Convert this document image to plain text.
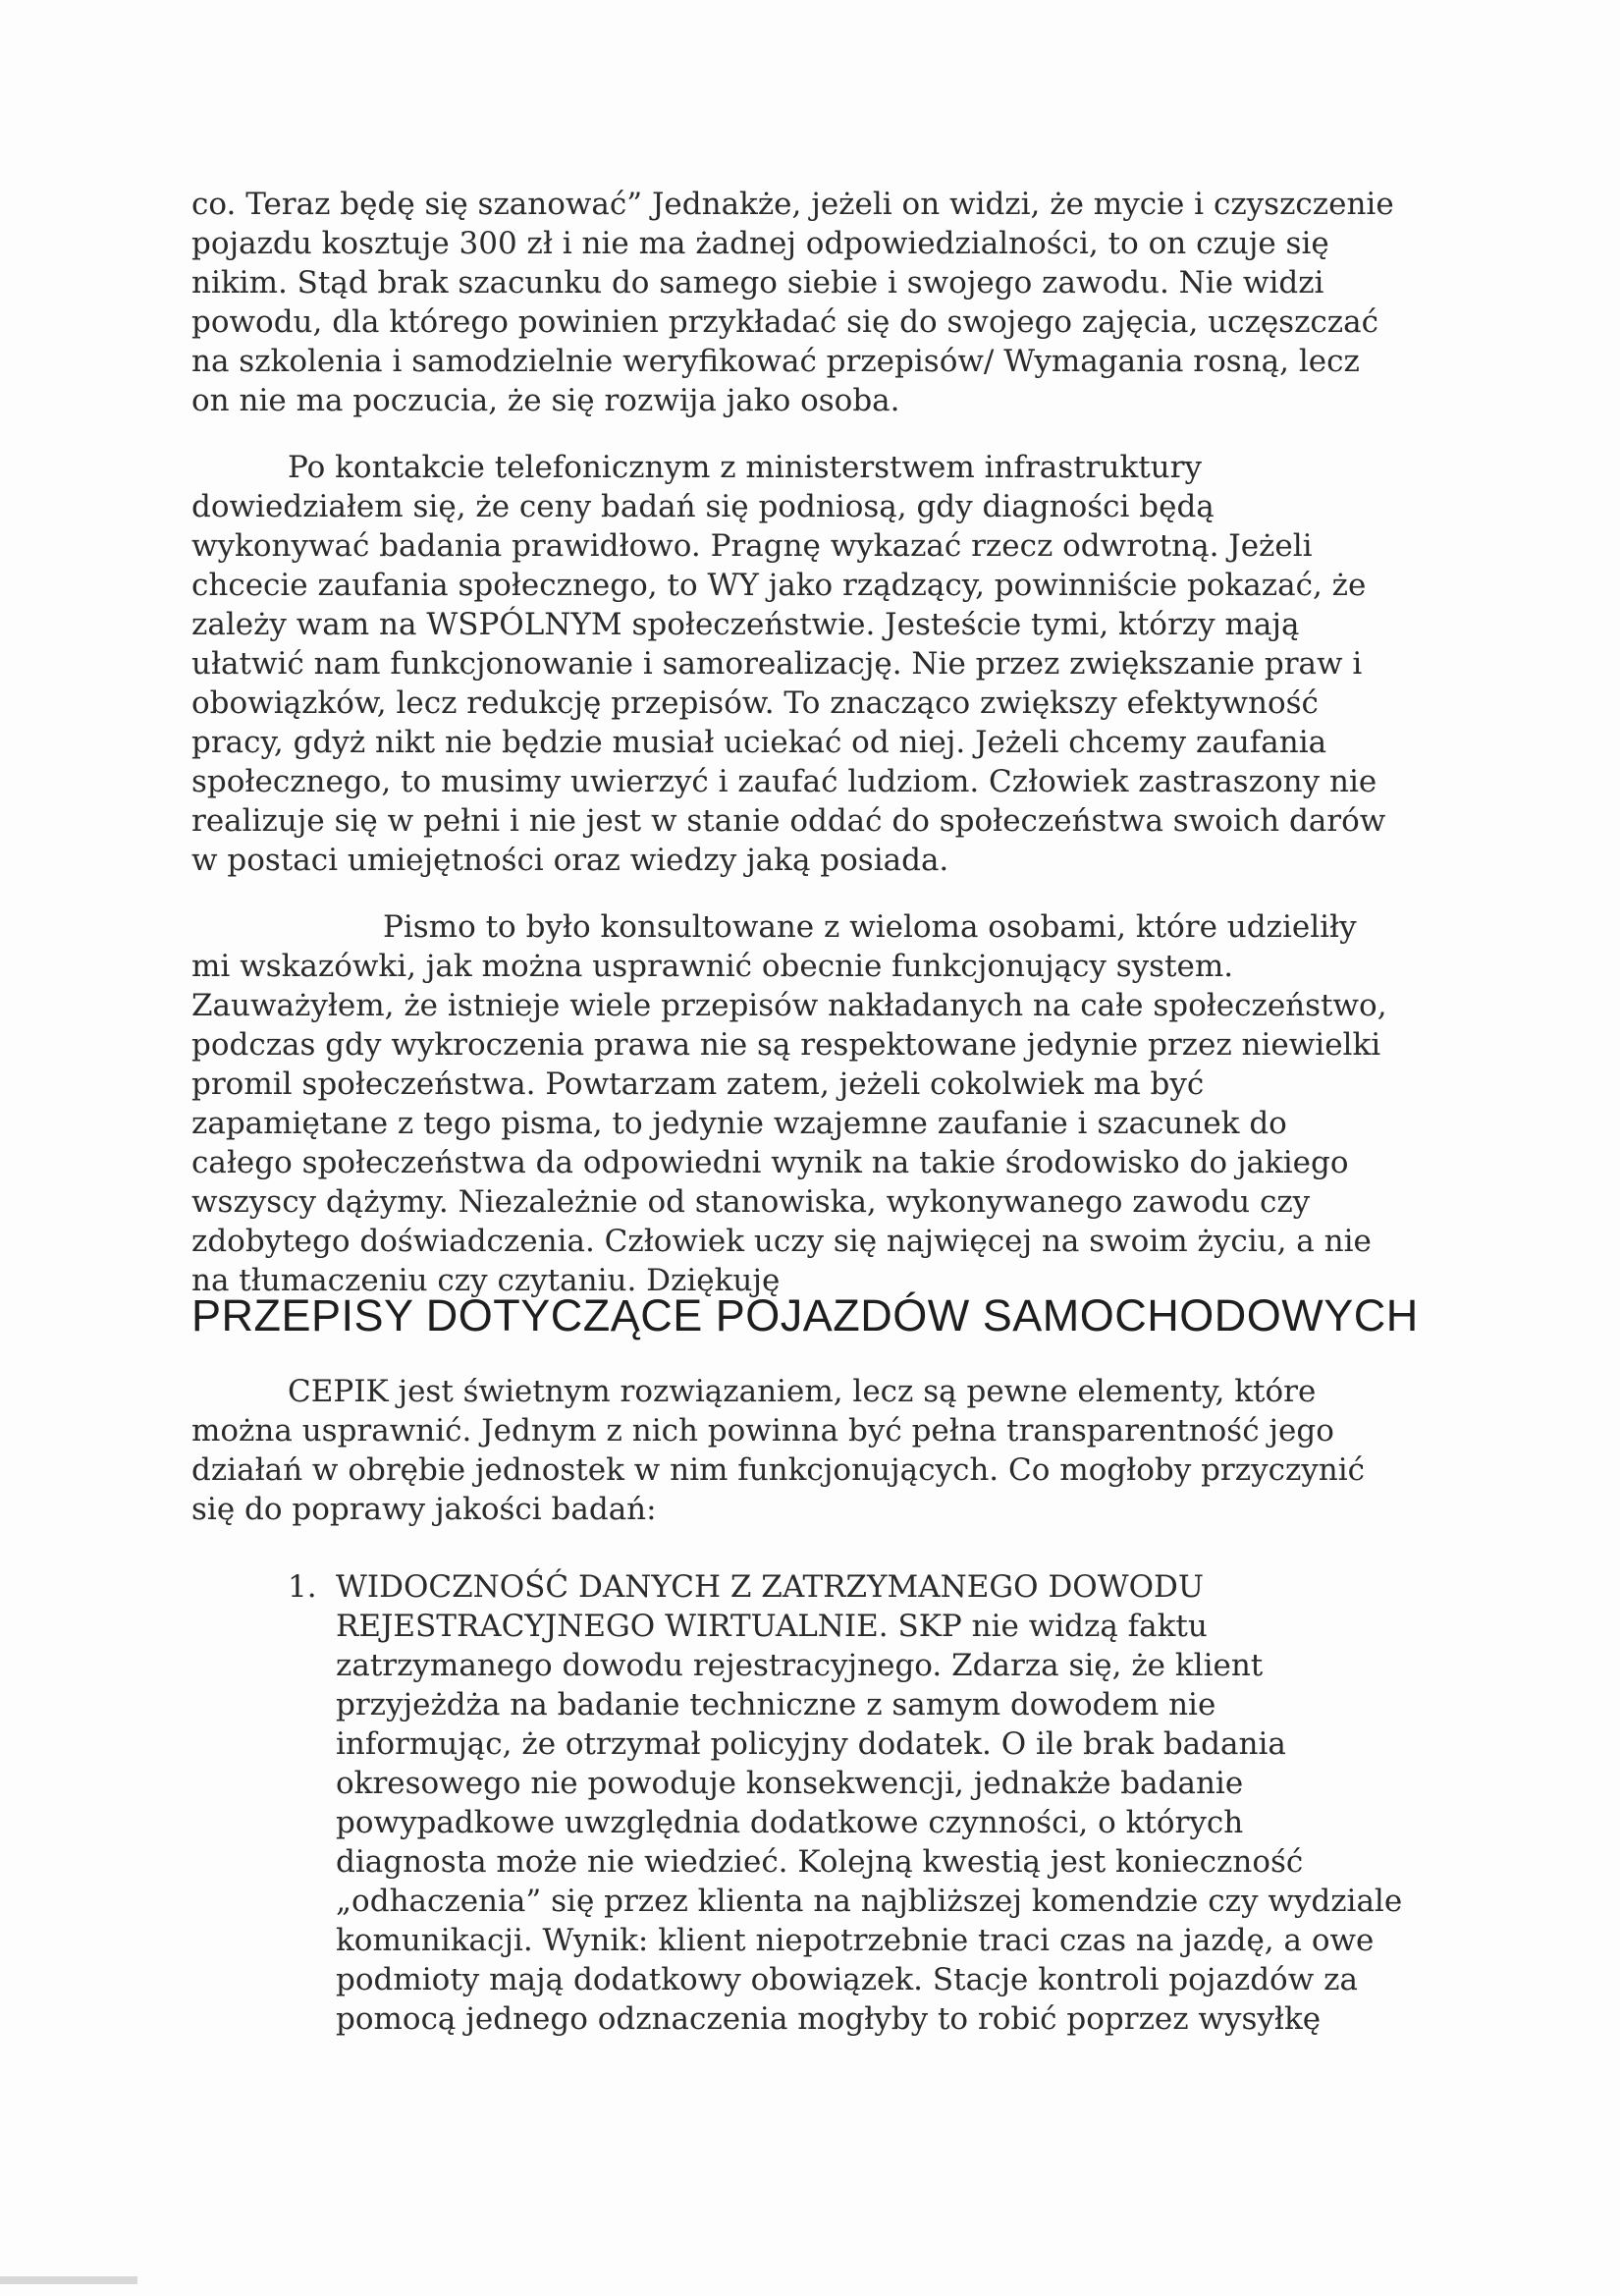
co. Teraz będę się szanować” Jednakże, jeżeli on widzi, że mycie i czyszczenie
pojazdu kosztuje 300 zł i nie ma żadnej odpowiedzialności, to on czuje się
nikim. Stąd brak szacunku do samego siebie i swojego zawodu. Nie widzi
powodu, dla którego powinien przykładać się do swojego zajęcia, uczęszczać
na szkolenia i samodzielnie weryfikować przepisów/ Wymagania rosną, lecz
on nie ma poczucia, że się rozwija jako osoba.
Po kontakcie telefonicznym z ministerstwem infrastruktury
dowiedziałem się, że ceny badań się podniosą, gdy diagności będą
wykonywać badania prawidłowo. Pragnę wykazać rzecz odwrotną. Jeżeli
chcecie zaufania społecznego, to WY jako rządzący, powinniście pokazać, że
zależy wam na WSPÓLNYM społeczeństwie. Jesteście tymi, którzy mają
ułatwić nam funkcjonowanie i samorealizację. Nie przez zwiększanie praw i
obowiązków, lecz redukcję przepisów. To znacząco zwiększy efektywność
pracy, gdyż nikt nie będzie musiał uciekać od niej. Jeżeli chcemy zaufania
społecznego, to musimy uwierzyć i zaufać ludziom. Człowiek zastraszony nie
realizuje się w pełni i nie jest w stanie oddać do społeczeństwa swoich darów
w postaci umiejętności oraz wiedzy jaką posiada.
Pismo to było konsultowane z wieloma osobami, które udzieliły
mi wskazówki, jak można usprawnić obecnie funkcjonujący system.
Zauważyłem, że istnieje wiele przepisów nakładanych na całe społeczeństwo,
podczas gdy wykroczenia prawa nie są respektowane jedynie przez niewielki
promil społeczeństwa. Powtarzam zatem, jeżeli cokolwiek ma być
zapamiętane z tego pisma, to jedynie wzajemne zaufanie i szacunek do
całego społeczeństwa da odpowiedni wynik na takie środowisko do jakiego
wszyscy dążymy. Niezależnie od stanowiska, wykonywanego zawodu czy
zdobytego doświadczenia. Człowiek uczy się najwięcej na swoim życiu, a nie
na tłumaczeniu czy czytaniu. Dziękuję
PRZEPISY DOTYCZĄCE POJAZDÓW SAMOCHODOWYCH
CEPIK jest świetnym rozwiązaniem, lecz są pewne elementy, które
można usprawnić. Jednym z nich powinna być pełna transparentność jego
działań w obrębie jednostek w nim funkcjonujących. Co mogłoby przyczynić
się do poprawy jakości badań:
1. WIDOCZNOŚĆ DANYCH Z ZATRZYMANEGO DOWODU
REJESTRACYJNEGO WIRTUALNIE. SKP nie widzą faktu
zatrzymanego dowodu rejestracyjnego. Zdarza się, że klient
przyjeżdża na badanie techniczne z samym dowodem nie
informując, że otrzymał policyjny dodatek. O ile brak badania
okresowego nie powoduje konsekwencji, jednakże badanie
powypadkowe uwzględnia dodatkowe czynności, o których
diagnosta może nie wiedzieć. Kolejną kwestią jest konieczność
„odhaczenia” się przez klienta na najbliższej komendzie czy wydziale
komunikacji. Wynik: klient niepotrzebnie traci czas na jazdę, a owe
podmioty mają dodatkowy obowiązek. Stacje kontroli pojazdów za
pomocą jednego odznaczenia mogłyby to robić poprzez wysyłkę
